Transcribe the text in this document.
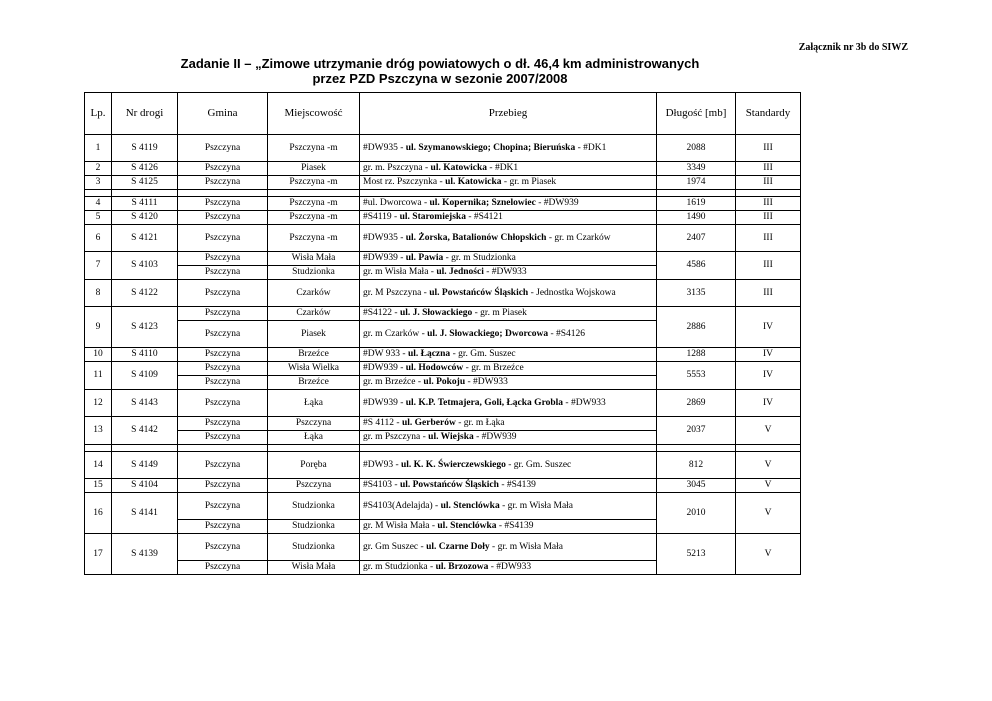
Załącznik nr 3b do SIWZ
Zadanie II – „Zimowe utrzymanie dróg powiatowych o dł. 46,4 km administrowanych
przez PZD Pszczyna w sezonie 2007/2008
Lp.	Nr drogi	Gmina	Miejscowość	Przebieg	Długość [mb]	Standardy
1	S 4119	Pszczyna	Pszczyna -m	#DW935 - ul. Szymanowskiego; Chopina; Bieruńska - #DK1	2088	III
2	S 4126	Pszczyna	Piasek	gr. m. Pszczyna - ul. Katowicka - #DK1	3349	III
3	S 4125	Pszczyna	Pszczyna -m	Most rz. Pszczynka - ul. Katowicka - gr. m Piasek	1974	III

4	S 4111	Pszczyna	Pszczyna -m	#ul. Dworcowa - ul. Kopernika; Sznelowiec - #DW939	1619	III
5	S 4120	Pszczyna	Pszczyna -m	#S4119 - ul. Staromiejska - #S4121	1490	III
6	S 4121	Pszczyna	Pszczyna -m	#DW935 - ul. Żorska, Batalionów Chłopskich - gr. m Czarków	2407	III
7	S 4103	Pszczyna	Wisła Mała	#DW939 - ul. Pawia - gr. m Studzionka	4586	III
		Pszczyna	Studzionka	gr. m Wisła Mała - ul. Jedności - #DW933		
8	S 4122	Pszczyna	Czarków	gr. M Pszczyna - ul. Powstańców Śląskich - Jednostka Wojskowa	3135	III
9	S 4123	Pszczyna	Czarków	#S4122 - ul. J. Słowackiego - gr. m Piasek	2886	IV
		Pszczyna	Piasek	gr. m Czarków - ul. J. Słowackiego; Dworcowa - #S4126		
10	S 4110	Pszczyna	Brzeźce	#DW 933 - ul. Łączna - gr. Gm. Suszec	1288	IV
11	S 4109	Pszczyna	Wisła Wielka	#DW939 - ul. Hodowców - gr. m Brzeźce	5553	IV
		Pszczyna	Brzeźce	gr. m Brzeźce - ul. Pokoju - #DW933		
12	S 4143	Pszczyna	Łąka	#DW939 - ul. K.P. Tetmajera, Goli, Łącka Grobla - #DW933	2869	IV
13	S 4142	Pszczyna	Pszczyna	#S 4112 - ul. Gerberów - gr. m Łąka	2037	V
		Pszczyna	Łąka	gr. m Pszczyna - ul. Wiejska - #DW939		

14	S 4149	Pszczyna	Poręba	#DW93 - ul. K. K. Świerczewskiego - gr. Gm. Suszec	812	V
15	S 4104	Pszczyna	Pszczyna	#S4103 - ul. Powstańców Śląskich - #S4139	3045	V
16	S 4141	Pszczyna	Studzionka	#S4103(Adelajda) - ul. Stenclówka - gr. m Wisła Mała	2010	V
		Pszczyna	Studzionka	gr. M Wisła Mała - ul. Stenclówka - #S4139		
17	S 4139	Pszczyna	Studzionka	gr. Gm Suszec - ul. Czarne Doły - gr. m Wisła Mała	5213	V
		Pszczyna	Wisła Mała	gr. m Studzionka - ul. Brzozowa - #DW933		
